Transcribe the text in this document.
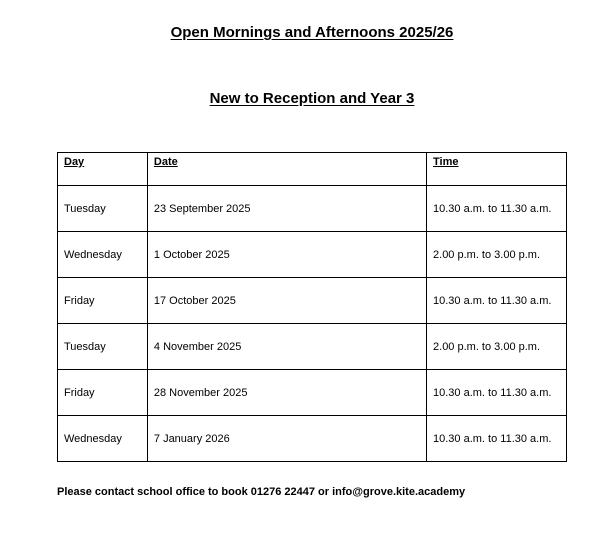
Open Mornings and Afternoons 2025/26
New to Reception and Year 3
Day	Date	Time
Tuesday	23 September 2025	10.30 a.m. to 11.30 a.m.
Wednesday	1 October 2025	2.00 p.m. to 3.00 p.m.
Friday	17 October 2025	10.30 a.m. to 11.30 a.m.
Tuesday	4 November 2025	2.00 p.m. to 3.00 p.m.
Friday	28 November 2025	10.30 a.m. to 11.30 a.m.
Wednesday	7 January 2026	10.30 a.m. to 11.30 a.m.
Please contact school office to book 01276 22447 or info@grove.kite.academy
